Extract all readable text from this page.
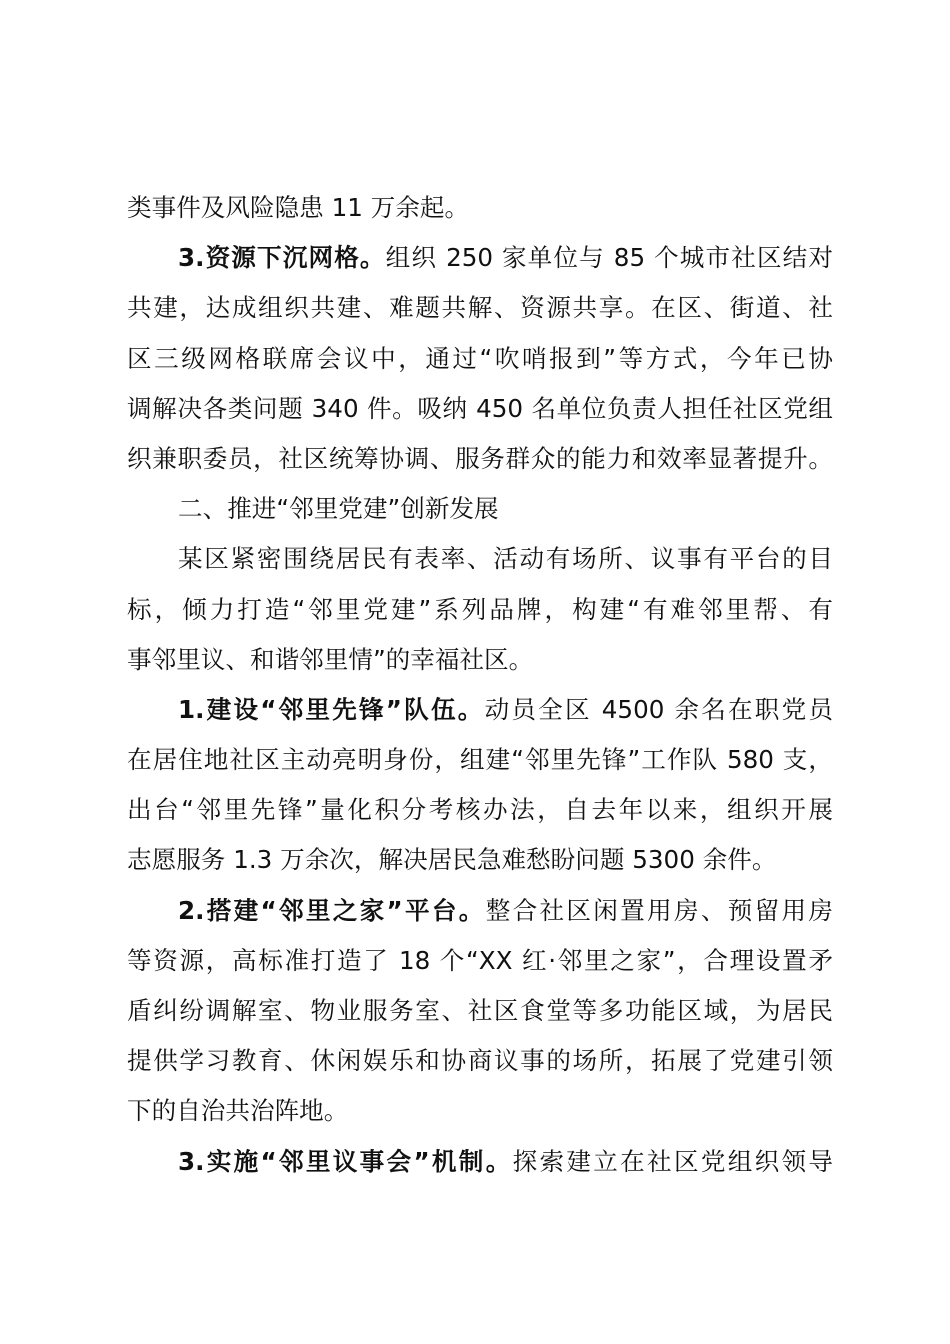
类事件及风险隐患 11 万余起。
3.资源下沉网格。组织 250 家单位与 85 个城市社区结对
共建，达成组织共建、难题共解、资源共享。在区、街道、社
区三级网格联席会议中，通过“吹哨报到”等方式，今年已协
调解决各类问题 340 件。吸纳 450 名单位负责人担任社区党组
织兼职委员，社区统筹协调、服务群众的能力和效率显著提升。
二、推进“邻里党建”创新发展
某区紧密围绕居民有表率、活动有场所、议事有平台的目
标，倾力打造“邻里党建”系列品牌，构建“有难邻里帮、有
事邻里议、和谐邻里情”的幸福社区。
1.建设“邻里先锋”队伍。动员全区 4500 余名在职党员
在居住地社区主动亮明身份，组建“邻里先锋”工作队 580 支，
出台“邻里先锋”量化积分考核办法，自去年以来，组织开展
志愿服务 1.3 万余次，解决居民急难愁盼问题 5300 余件。
2.搭建“邻里之家”平台。整合社区闲置用房、预留用房
等资源，高标准打造了 18 个“XX 红·邻里之家”，合理设置矛
盾纠纷调解室、物业服务室、社区食堂等多功能区域，为居民
提供学习教育、休闲娱乐和协商议事的场所，拓展了党建引领
下的自治共治阵地。
3.实施“邻里议事会”机制。探索建立在社区党组织领导
